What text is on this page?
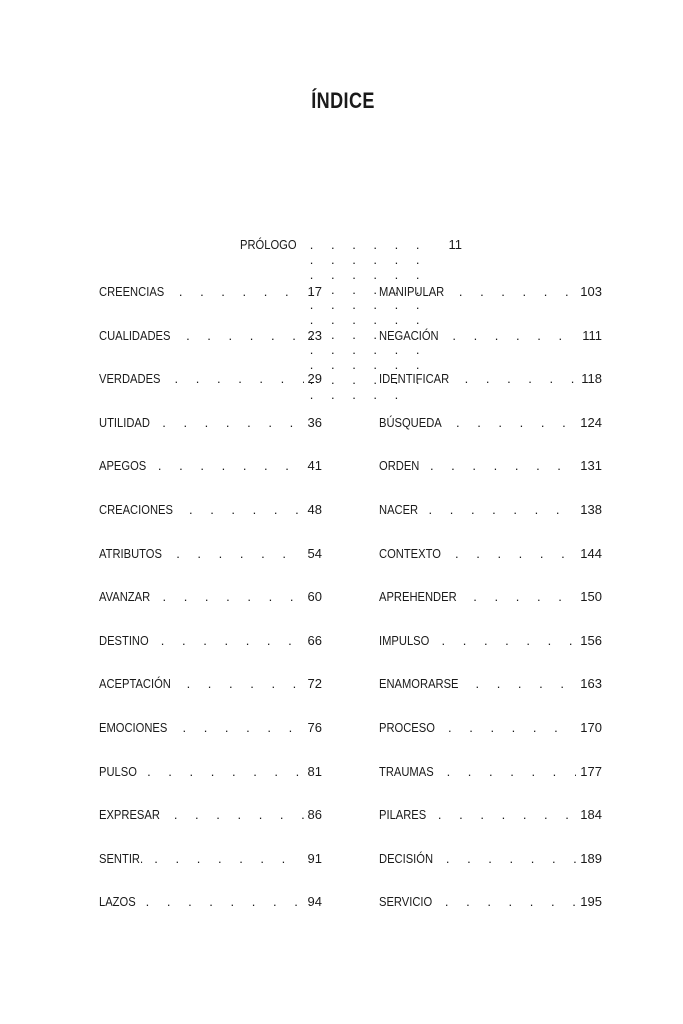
ÍNDICE
PRÓLOGO . . .	11
CREENCIAS . . .	17
CUALIDADES . . .	23
VERDADES . . .	29
UTILIDAD . . .	36
APEGOS . . .	41
CREACIONES . . .	48
ATRIBUTOS . . .	54
AVANZAR . . .	60
DESTINO . . .	66
ACEPTACIÓN . . .	72
EMOCIONES . . .	76
PULSO . . .	81
EXPRESAR . . .	86
SENTIR. . . .	91
LAZOS . . .	94
MANIPULAR . . .	103
NEGACIÓN . . .	111
IDENTIFICAR . . .	118
BÚSQUEDA . . .	124
ORDEN . . .	131
NACER . . .	138
CONTEXTO . . .	144
APREHENDER . . .	150
IMPULSO . . .	156
ENAMORARSE . . .	163
PROCESO . . .	170
TRAUMAS . . .	177
PILARES . . .	184
DECISIÓN . . .	189
SERVICIO . . .	195
